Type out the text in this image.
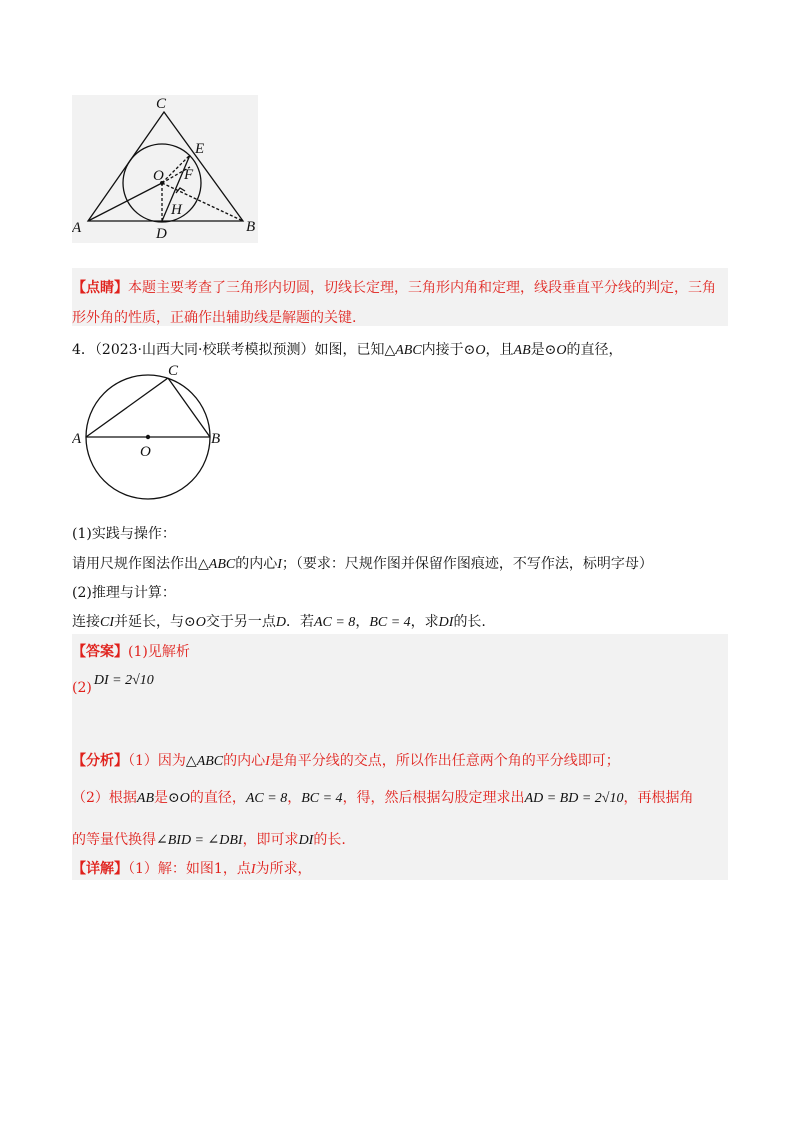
C
E
O F
H
A	D	B
【点睛】本题主要考查了三角形内切圆，切线长定理，三角形内角和定理，线段垂直平分线的判定，三角
形外角的性质，正确作出辅助线是解题的关键.
4．（2023·山西大同·校联考模拟预测）如图，已知△ABC内接于⊙O，且AB是⊙O的直径，
C
A	B
O
(1)实践与操作：
请用尺规作图法作出△ABC的内心I；（要求：尺规作图并保留作图痕迹，不写作法，标明字母）
(2)推理与计算：
连接CI并延长，与⊙O交于另一点D．若AC = 8，BC = 4，求DI的长.
【答案】(1)见解析
(2) DI = 2√10
【分析】（1）因为△ABC的内心I是角平分线的交点，所以作出任意两个角的平分线即可；
（2）根据AB是⊙O的直径，AC = 8，BC = 4，得，然后根据勾股定理求出AD = BD = 2√10，再根据角
的等量代换得∠BID = ∠DBI，即可求DI的长.
【详解】（1）解：如图1，点I为所求，
